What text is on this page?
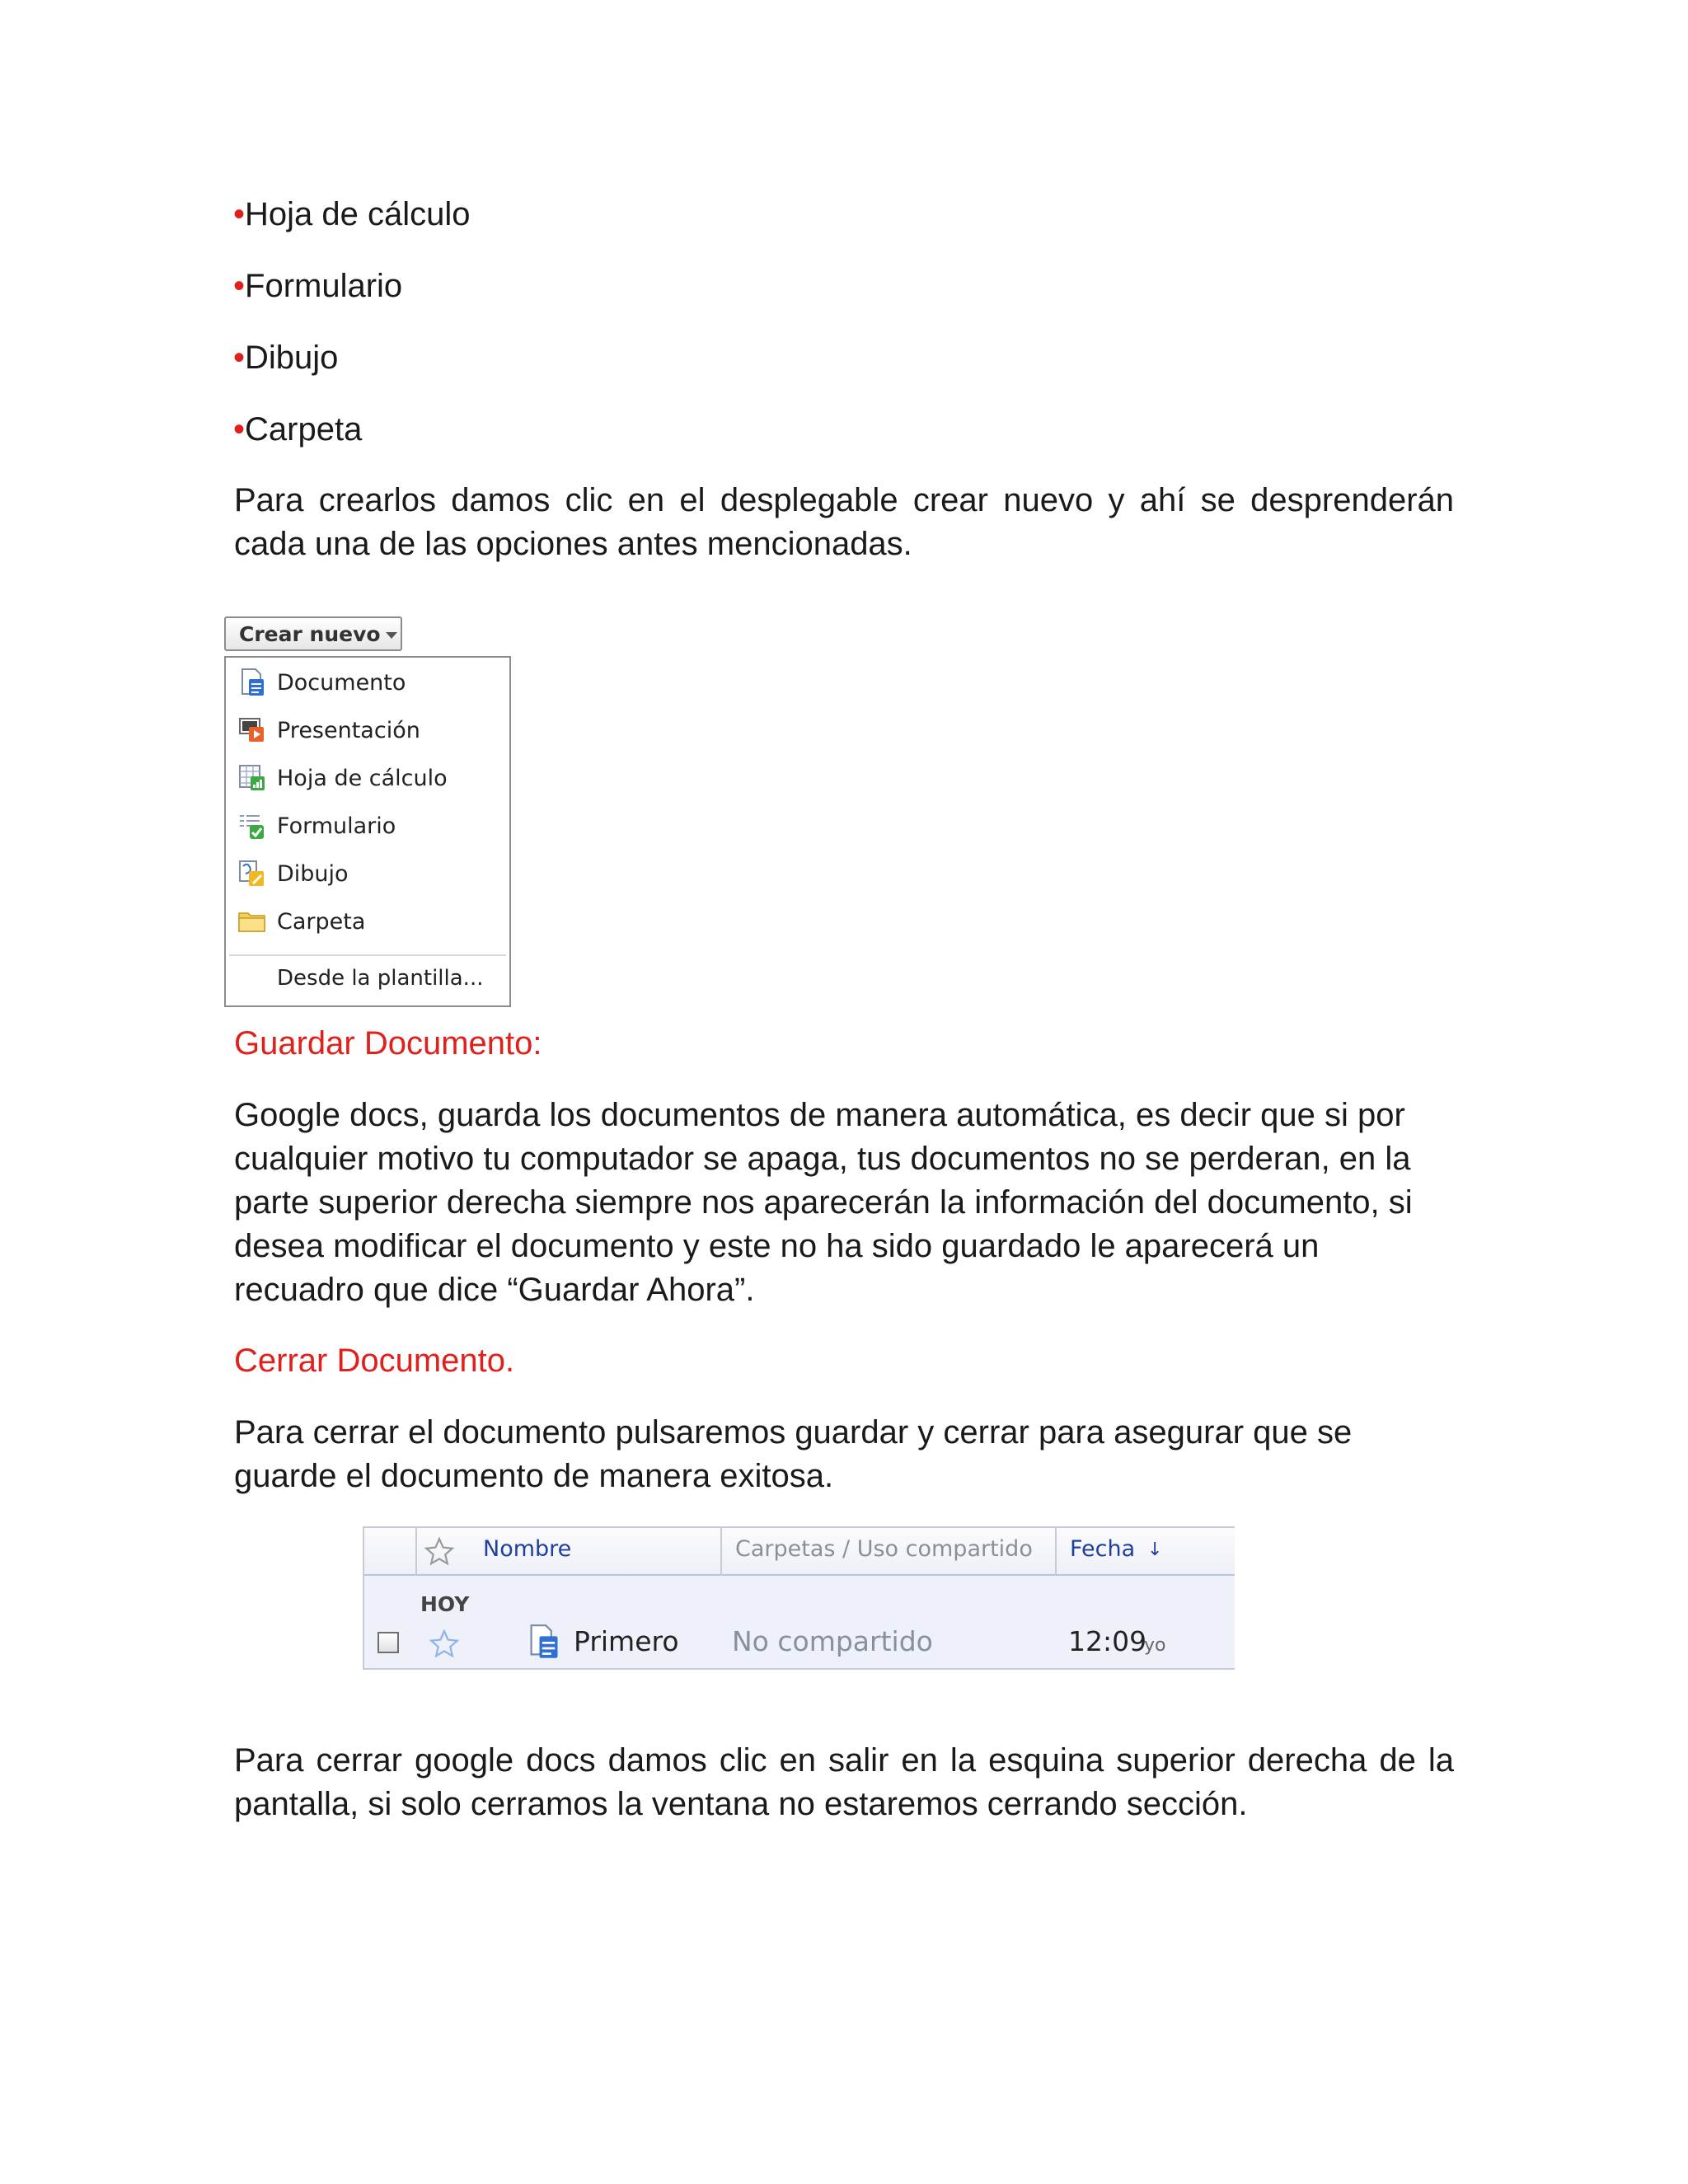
•Hoja de cálculo
•Formulario
•Dibujo
•Carpeta
Para crearlos damos clic en el desplegable crear nuevo y ahí se desprenderán cada una de las opciones antes mencionadas.
Crear nuevo
Documento
Presentación
Hoja de cálculo
Formulario
Dibujo
Carpeta
Desde la plantilla...
Guardar Documento:
Google docs, guarda los documentos de manera automática, es decir que si por cualquier motivo tu computador se apaga, tus documentos no se perderan, en la parte superior derecha siempre nos aparecerán la información del documento, si desea modificar el documento y este no ha sido guardado le aparecerá un recuadro que dice “Guardar Ahora”.
Cerrar Documento.
Para cerrar el documento pulsaremos guardar y cerrar para asegurar que se guarde el documento de manera exitosa.
Nombre	Carpetas / Uso compartido Fecha ↓
HOY
Primero No compartido	12:09
yo
Para cerrar google docs damos clic en salir en la esquina superior derecha de la pantalla, si solo cerramos la ventana no estaremos cerrando sección.
